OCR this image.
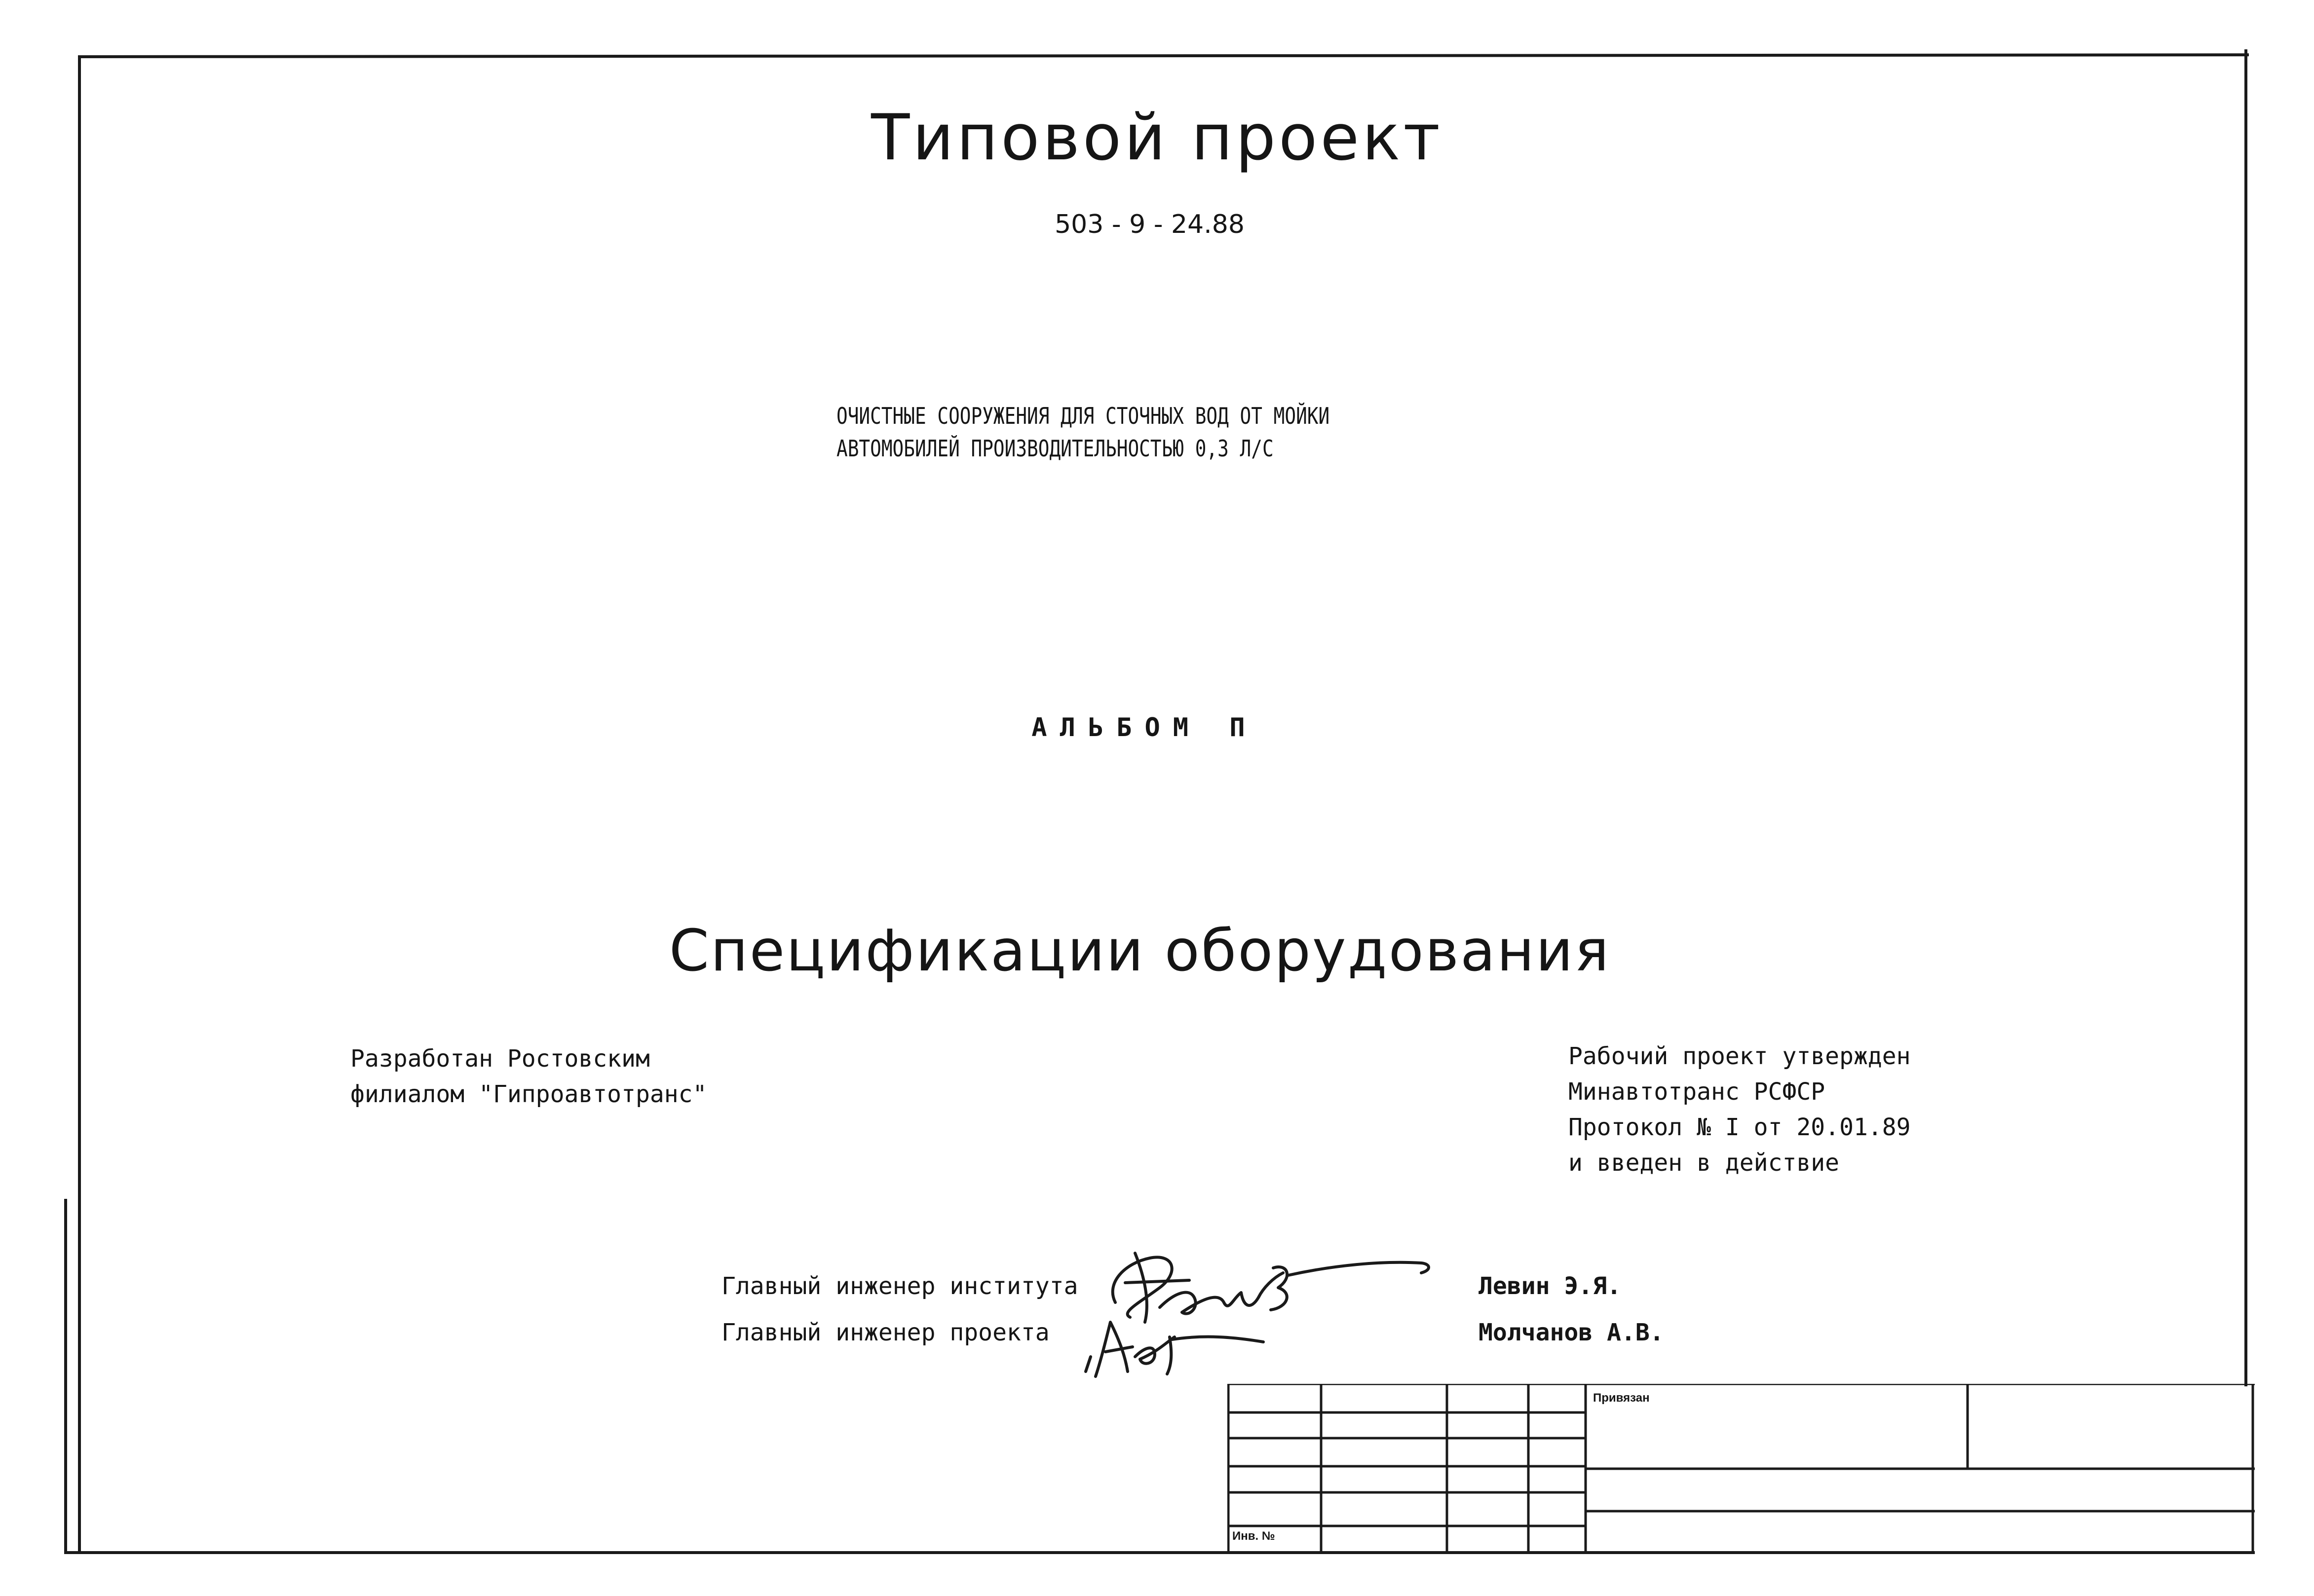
Типовой проект
503 - 9 - 24.88
ОЧИСТНЫЕ СООРУЖЕНИЯ ДЛЯ СТОЧНЫХ ВОД ОТ МОЙКИ
АВТОМОБИЛЕЙ ПРОИЗВОДИТЕЛЬНОСТЬЮ 0,3 Л/С
АЛЬБОМ П
Спецификации оборудования
Разработан Ростовским
филиалом "Гипроавтотранс"
Рабочий проект утвержден
Минавтотранс РСФСР
Протокол № I от 20.01.89
и введен в действие
Главный инженер института
Главный инженер проекта
Левин Э.Я.
Молчанов А.В.
Привязан
Инв. №
